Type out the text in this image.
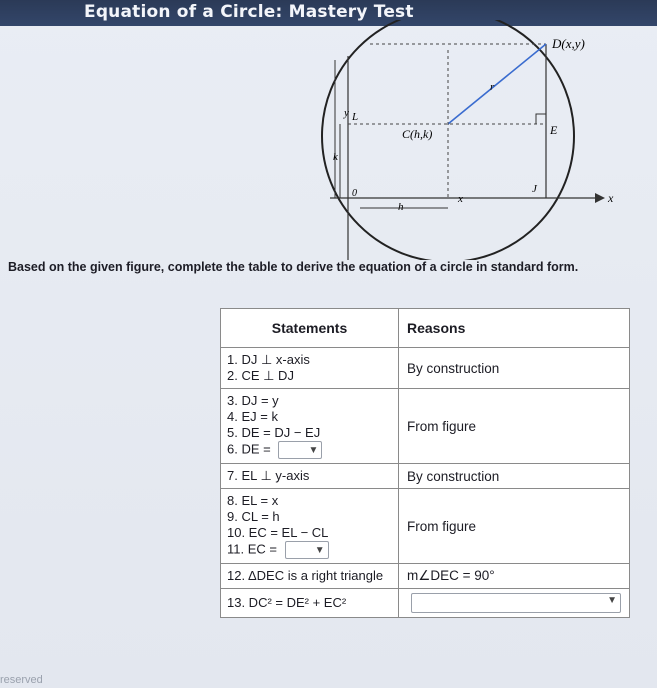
Equation of a Circle: Mastery Test
D(x,y)
C(h,k)	E
J
L
r
y
k
h
x
0	x
Based on the given figure, complete the table to derive the equation of a circle in standard form.
Statements	Reasons

1. DJ ⊥ x-axis
2. CE ⊥ DJ	By construction

3. DJ = y
4. EJ = k
5. DE = DJ − EJ
6. DE = ▼	From figure

7. EL ⊥ y-axis	By construction

8. EL = x
9. CL = h
10. EC = EL − CL
11. EC = ▼	From figure

12. ΔDEC is a right triangle	m∠DEC = 90°

13. DC² = DE² + EC²	▼
reserved
